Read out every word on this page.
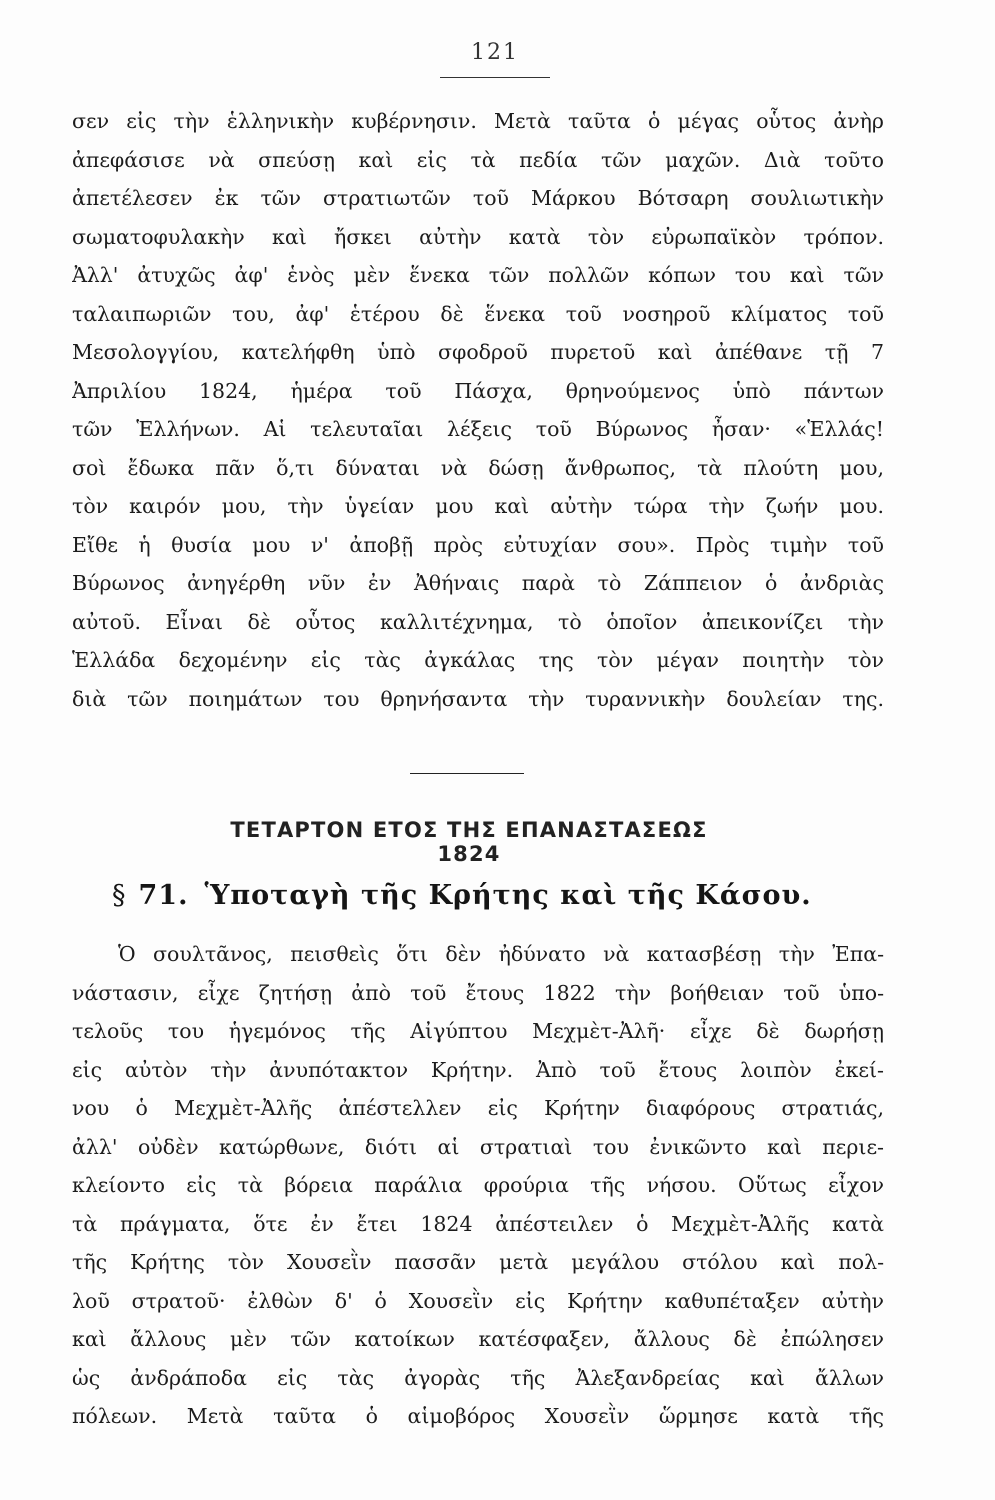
121
σεν εἰς τὴν ἑλληνικὴν κυβέρνησιν. Μετὰ ταῦτα ὁ μέγας οὗτος ἀνὴρ
ἀπεφάσισε νὰ σπεύσῃ καὶ εἰς τὰ πεδία τῶν μαχῶν. Διὰ τοῦτο
ἀπετέλεσεν ἐκ τῶν στρατιωτῶν τοῦ Μάρκου Βότσαρη σουλιωτικὴν
σωματοφυλακὴν καὶ ἤσκει αὐτὴν κατὰ τὸν εὐρωπαϊκὸν τρόπον.
Ἀλλ' ἀτυχῶς ἀφ' ἑνὸς μὲν ἕνεκα τῶν πολλῶν κόπων του καὶ τῶν
ταλαιπωριῶν του, ἀφ' ἑτέρου δὲ ἕνεκα τοῦ νοσηροῦ κλίματος τοῦ
Μεσολογγίου, κατελήφθη ὑπὸ σφοδροῦ πυρετοῦ καὶ ἀπέθανε τῇ 7
Ἀπριλίου 1824, ἡμέρα τοῦ Πάσχα, θρηνούμενος ὑπὸ πάντων
τῶν Ἑλλήνων. Αἱ τελευταῖαι λέξεις τοῦ Βύρωνος ἦσαν· «Ἑλλάς!
σοὶ ἔδωκα πᾶν ὅ,τι δύναται νὰ δώσῃ ἄνθρωπος, τὰ πλούτη μου,
τὸν καιρόν μου, τὴν ὑγείαν μου καὶ αὐτὴν τώρα τὴν ζωήν μου.
Εἴθε ἡ θυσία μου ν' ἀποβῇ πρὸς εὐτυχίαν σου». Πρὸς τιμὴν τοῦ
Βύρωνος ἀνηγέρθη νῦν ἐν Ἀθήναις παρὰ τὸ Ζάππειον ὁ ἀνδριὰς
αὐτοῦ. Εἶναι δὲ οὗτος καλλιτέχνημα, τὸ ὁποῖον ἀπεικονίζει τὴν
Ἑλλάδα δεχομένην εἰς τὰς ἀγκάλας της τὸν μέγαν ποιητὴν τὸν
διὰ τῶν ποιημάτων του θρηνήσαντα τὴν τυραννικὴν δουλείαν της.
ΤΕΤΑΡΤΟΝ ΕΤΟΣ ΤΗΣ ΕΠΑΝΑΣΤΑΣΕΩΣ 1824
§ 71. Ὑποταγὴ τῆς Κρήτης καὶ τῆς Κάσου.
Ὁ σουλτᾶνος, πεισθεὶς ὅτι δὲν ἠδύνατο νὰ κατασβέσῃ τὴν Ἐπα-
νάστασιν, εἶχε ζητήσῃ ἀπὸ τοῦ ἔτους 1822 τὴν βοήθειαν τοῦ ὑπο-
τελοῦς του ἡγεμόνος τῆς Αἰγύπτου Μεχμὲτ-Ἀλῆ· εἶχε δὲ δωρήσῃ
εἰς αὐτὸν τὴν ἀνυπότακτον Κρήτην. Ἀπὸ τοῦ ἔτους λοιπὸν ἐκεί-
νου ὁ Μεχμὲτ-Ἀλῆς ἀπέστελλεν εἰς Κρήτην διαφόρους στρατιάς,
ἀλλ' οὐδὲν κατώρθωνε, διότι αἱ στρατιαὶ του ἐνικῶντο καὶ περιε-
κλείοντο εἰς τὰ βόρεια παράλια φρούρια τῆς νήσου. Οὕτως εἶχον
τὰ πράγματα, ὅτε ἐν ἔτει 1824 ἀπέστειλεν ὁ Μεχμὲτ-Ἀλῆς κατὰ
τῆς Κρήτης τὸν Χουσεῒν πασσᾶν μετὰ μεγάλου στόλου καὶ πολ-
λοῦ στρατοῦ· ἐλθὼν δ' ὁ Χουσεῒν εἰς Κρήτην καθυπέταξεν αὐτὴν
καὶ ἄλλους μὲν τῶν κατοίκων κατέσφαξεν, ἄλλους δὲ ἐπώλησεν
ὡς ἀνδράποδα εἰς τὰς ἀγορὰς τῆς Ἀλεξανδρείας καὶ ἄλλων
πόλεων. Μετὰ ταῦτα ὁ αἱμοβόρος Χουσεῒν ὥρμησε κατὰ τῆς
